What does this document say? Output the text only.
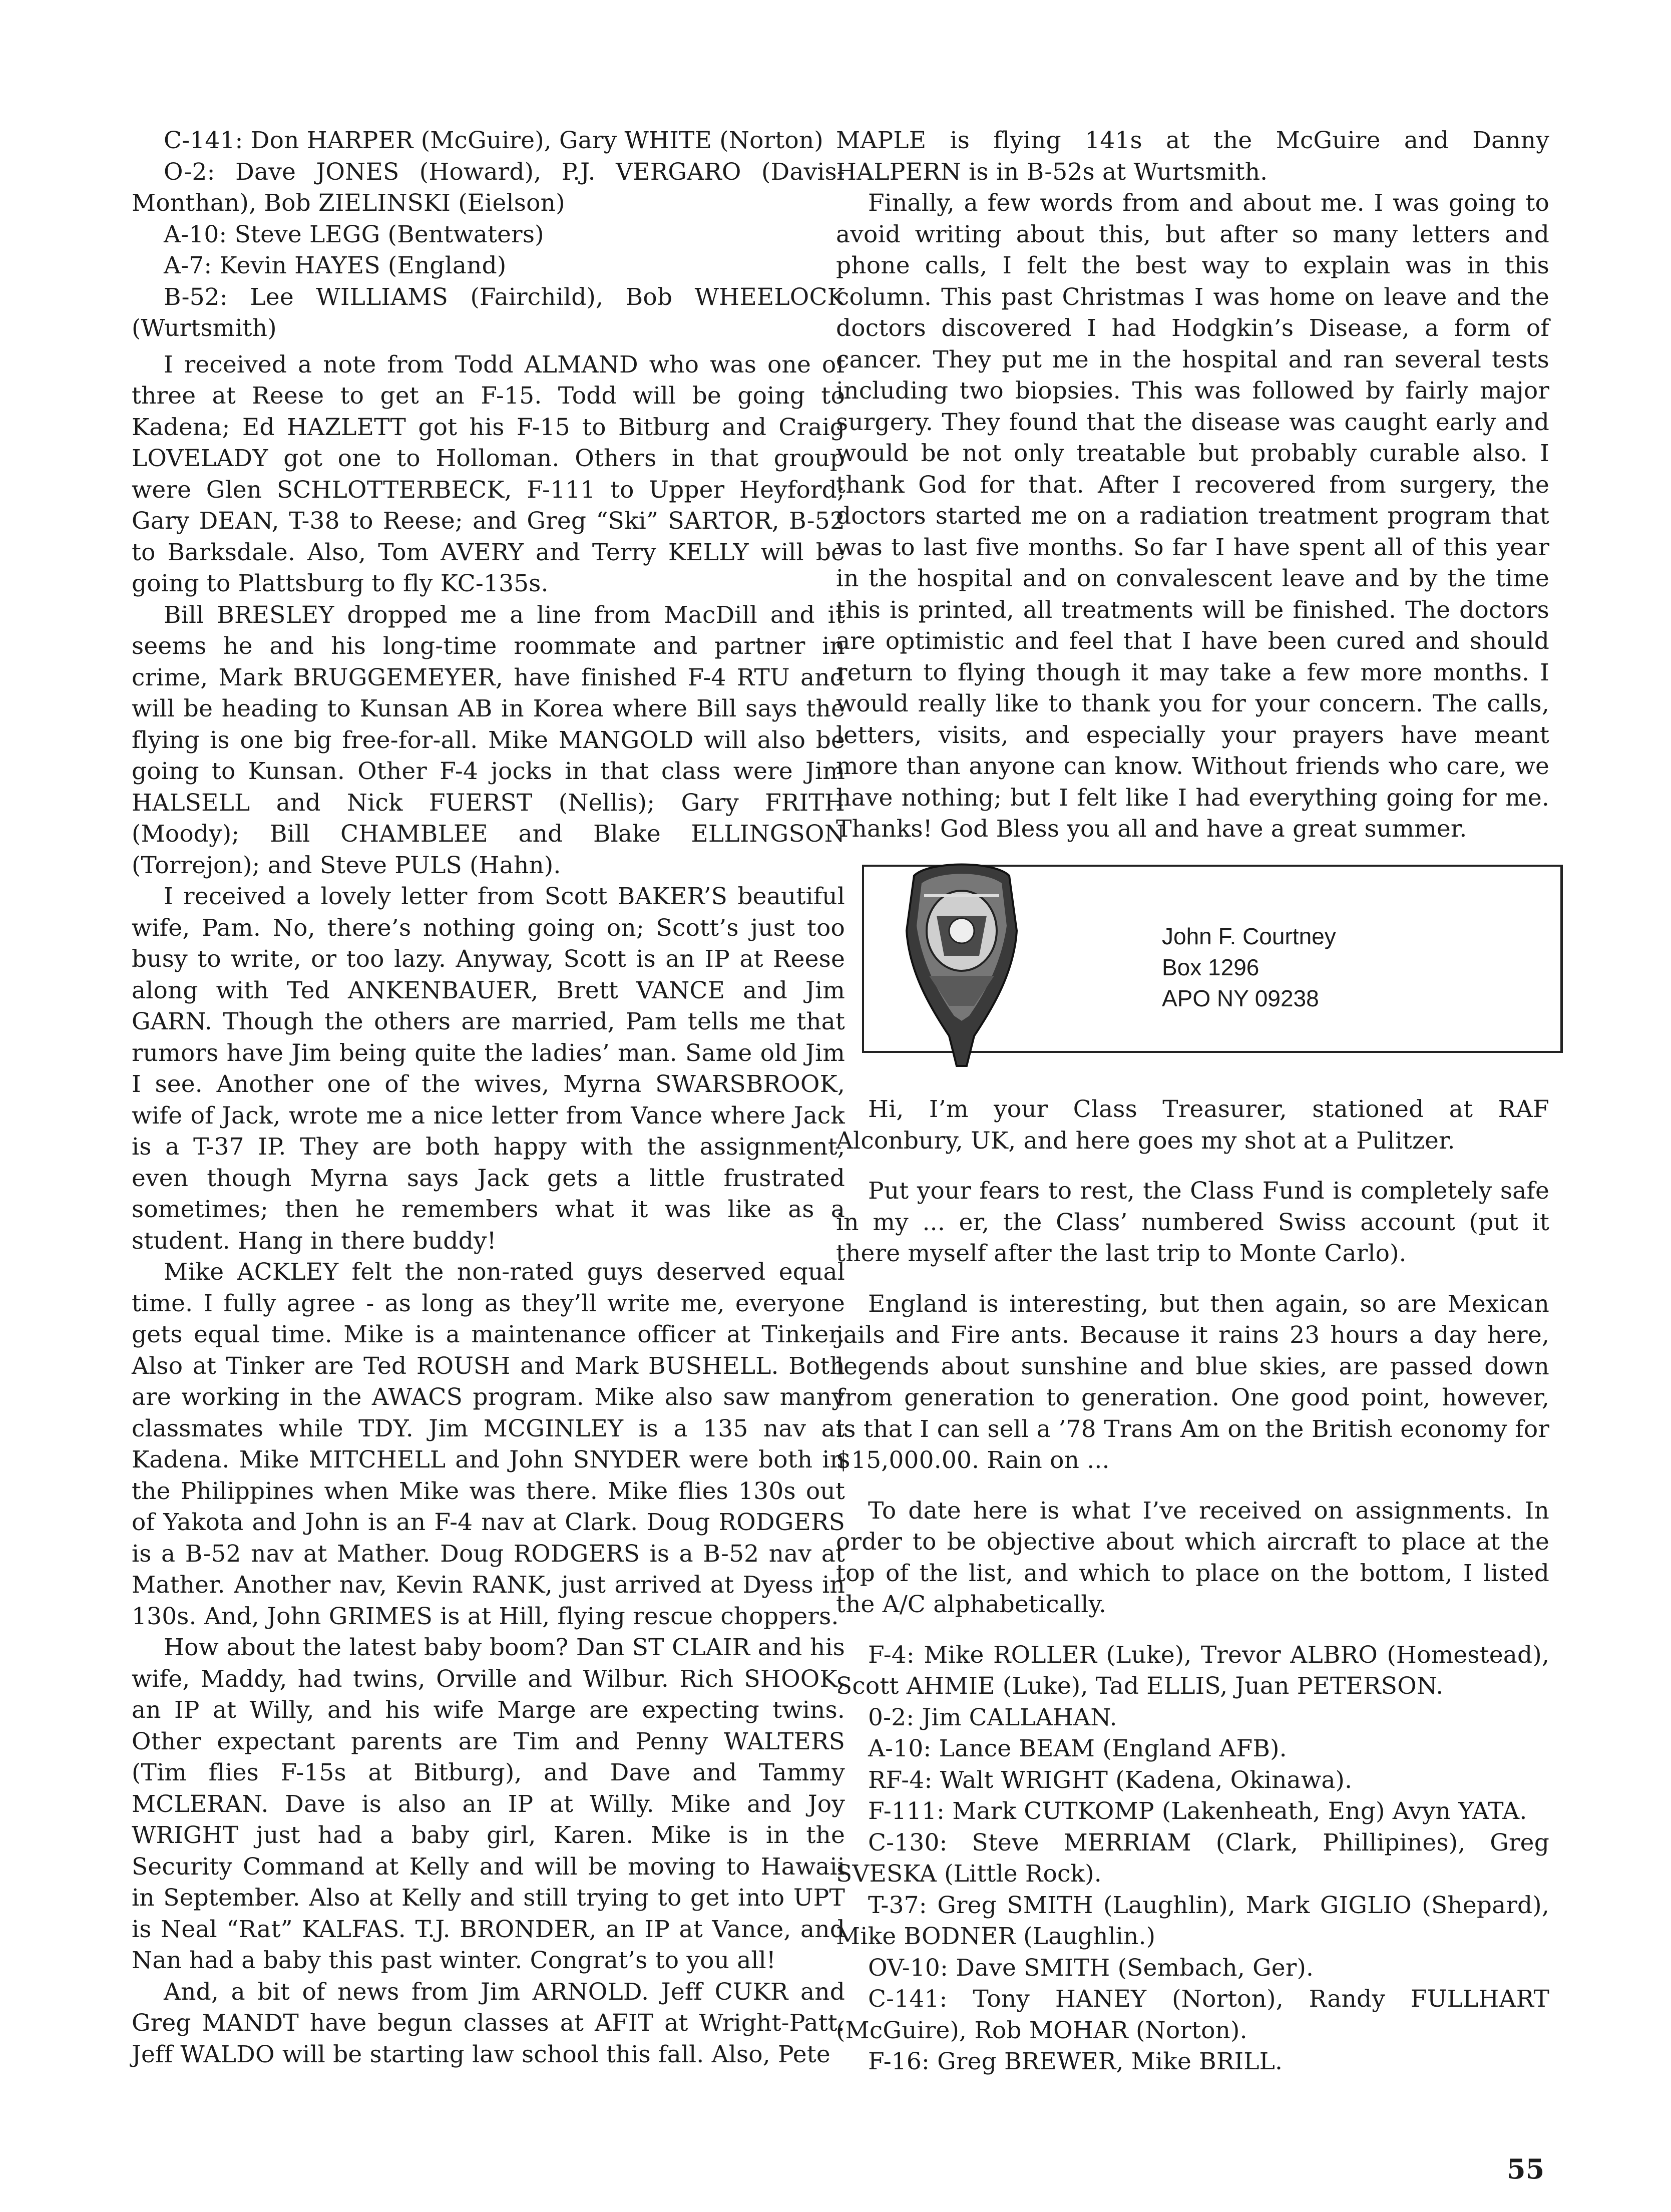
C-141: Don HARPER (McGuire), Gary WHITE (Norton)

O-2: Dave JONES (Howard), P.J. VERGARO (Davis-Monthan), Bob ZIELINSKI (Eielson)

A-10: Steve LEGG (Bentwaters)

A-7: Kevin HAYES (England)

B-52: Lee WILLIAMS (Fairchild), Bob WHEELOCK (Wurtsmith)

I received a note from Todd ALMAND who was one of three at Reese to get an F-15. Todd will be going to Kadena; Ed HAZLETT got his F-15 to Bitburg and Craig LOVELADY got one to Holloman. Others in that group were Glen SCHLOTTERBECK, F-111 to Upper Heyford; Gary DEAN, T-38 to Reese; and Greg “Ski” SARTOR, B-52 to Barksdale. Also, Tom AVERY and Terry KELLY will be going to Plattsburg to fly KC-135s.

Bill BRESLEY dropped me a line from MacDill and it seems he and his long-time roommate and partner in crime, Mark BRUGGEMEYER, have finished F-4 RTU and will be heading to Kunsan AB in Korea where Bill says the flying is one big free-for-all. Mike MANGOLD will also be going to Kunsan. Other F-4 jocks in that class were Jim HALSELL and Nick FUERST (Nellis); Gary FRITH (Moody); Bill CHAMBLEE and Blake ELLINGSON (Torrejon); and Steve PULS (Hahn).

I received a lovely letter from Scott BAKER’S beautiful wife, Pam. No, there’s nothing going on; Scott’s just too busy to write, or too lazy. Anyway, Scott is an IP at Reese along with Ted ANKENBAUER, Brett VANCE and Jim GARN. Though the others are married, Pam tells me that rumors have Jim being quite the ladies’ man. Same old Jim I see. Another one of the wives, Myrna SWARSBROOK, wife of Jack, wrote me a nice letter from Vance where Jack is a T-37 IP. They are both happy with the assignment, even though Myrna says Jack gets a little frustrated sometimes; then he remembers what it was like as a student. Hang in there buddy!

Mike ACKLEY felt the non-rated guys deserved equal time. I fully agree - as long as they’ll write me, everyone gets equal time. Mike is a maintenance officer at Tinker. Also at Tinker are Ted ROUSH and Mark BUSHELL. Both are working in the AWACS program. Mike also saw many classmates while TDY. Jim MCGINLEY is a 135 nav at Kadena. Mike MITCHELL and John SNYDER were both in the Philippines when Mike was there. Mike flies 130s out of Yakota and John is an F-4 nav at Clark. Doug RODGERS is a B-52 nav at Mather. Doug RODGERS is a B-52 nav at Mather. Another nav, Kevin RANK, just arrived at Dyess in 130s. And, John GRIMES is at Hill, flying rescue choppers.

How about the latest baby boom? Dan ST CLAIR and his wife, Maddy, had twins, Orville and Wilbur. Rich SHOOK, an IP at Willy, and his wife Marge are expecting twins. Other expectant parents are Tim and Penny WALTERS (Tim flies F-15s at Bitburg), and Dave and Tammy MCLERAN. Dave is also an IP at Willy. Mike and Joy WRIGHT just had a baby girl, Karen. Mike is in the Security Command at Kelly and will be moving to Hawaii in September. Also at Kelly and still trying to get into UPT is Neal “Rat” KALFAS. T.J. BRONDER, an IP at Vance, and Nan had a baby this past winter. Congrat’s to you all!

And, a bit of news from Jim ARNOLD. Jeff CUKR and Greg MANDT have begun classes at AFIT at Wright-Patt. Jeff WALDO will be starting law school this fall. Also, Pete

MAPLE is flying 141s at the McGuire and Danny HALPERN is in B-52s at Wurtsmith.

Finally, a few words from and about me. I was going to avoid writing about this, but after so many letters and phone calls, I felt the best way to explain was in this column. This past Christmas I was home on leave and the doctors discovered I had Hodgkin’s Disease, a form of cancer. They put me in the hospital and ran several tests including two biopsies. This was followed by fairly major surgery. They found that the disease was caught early and would be not only treatable but probably curable also. I thank God for that. After I recovered from surgery, the doctors started me on a radiation treatment program that was to last five months. So far I have spent all of this year in the hospital and on convalescent leave and by the time this is printed, all treatments will be finished. The doctors are optimistic and feel that I have been cured and should return to flying though it may take a few more months. I would really like to thank you for your concern. The calls, letters, visits, and especially your prayers have meant more than anyone can know. Without friends who care, we have nothing; but I felt like I had everything going for me. Thanks! God Bless you all and have a great summer.

John F. Courtney
Box 1296
APO NY 09238

Hi, I’m your Class Treasurer, stationed at RAF Alconbury, UK, and here goes my shot at a Pulitzer.

Put your fears to rest, the Class Fund is completely safe in my ... er, the Class’ numbered Swiss account (put it there myself after the last trip to Monte Carlo).

England is interesting, but then again, so are Mexican jails and Fire ants. Because it rains 23 hours a day here, legends about sunshine and blue skies, are passed down from generation to generation. One good point, however, is that I can sell a ’78 Trans Am on the British economy for $15,000.00. Rain on ...

To date here is what I’ve received on assignments. In order to be objective about which aircraft to place at the top of the list, and which to place on the bottom, I listed the A/C alphabetically.

F-4: Mike ROLLER (Luke), Trevor ALBRO (Homestead), Scott AHMIE (Luke), Tad ELLIS, Juan PETERSON.

0-2: Jim CALLAHAN.

A-10: Lance BEAM (England AFB).

RF-4: Walt WRIGHT (Kadena, Okinawa).

F-111: Mark CUTKOMP (Lakenheath, Eng) Avyn YATA.

C-130: Steve MERRIAM (Clark, Phillipines), Greg SVESKA (Little Rock).

T-37: Greg SMITH (Laughlin), Mark GIGLIO (Shepard), Mike BODNER (Laughlin.)

OV-10: Dave SMITH (Sembach, Ger).

C-141: Tony HANEY (Norton), Randy FULLHART (McGuire), Rob MOHAR (Norton).

F-16: Greg BREWER, Mike BRILL.

55
